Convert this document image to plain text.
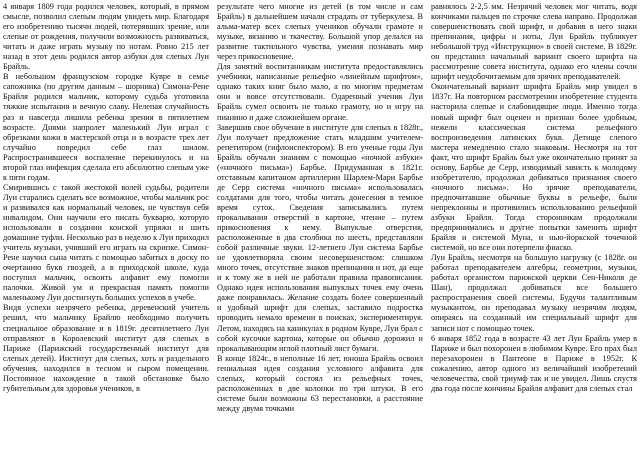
4 января 1809 года родился человек, который, в прямом смысле, позволил слепым людям увидеть мир. Благодаря его изобретению тысячи людей, потерявших зрение, или слепые от рождения, получили возможность развиваться, читать и даже играть музыку по нотам. Ровно 215 лет назад в этот день родился автор азбуки для слепых Луи Брайль.

В небольшом французском городке Кувре в семье сапожника (по другим данным – шорника) Симона-Рене Брайля родился мальчик, которому судьба уготовила тяжкие испытания и вечную славу. Нелепая случайность раз и навсегда лишила ребенка зрения в пятилетнем возрасте. Днями напролет маленький Луи играл с обрезками кожи в мастерской отца и в возрасте трех лет случайно повредил себе глаз шилом. Распространившееся воспаление перекинулось и на второй глаз инфекция сделала его абсолютно слепым уже к пяти годам.

Смирившись с такой жестокой волей судьбы, родители Луи старались сделать все возможное, чтобы мальчик рос и развивался как нормальный человек, не чувствуя себя инвалидом. Они научили его писать букварю, которую использовали в создании конской упряжи и шить домашние туфли. Несколько раз в неделю к Луи приходил учитель музыки, учивший его играть на скрипке. Симон-Рене научил сына читать с помощью забитых в доску по очертанию букв гвоздей, а в приходской школе, куда поступил мальчик, освоить алфавит ему помогли палочки. Живой ум и прекрасная память помогли маленькому Луи достигнуть больших успехов в учебе.

Видя успехи незрячего ребенка, деревенский учитель решил, что мальчику Брайлю необходимо получить специальное образование и в 1819г. десятилетнего Луи отправляют в Королевский институт для слепых в Париже (Парижский государственный институт для слепых детей). Институт для слепых, хоть и раздельного обучения, находился в тесном и сыром помещении. Постоянное нахождение в такой обстановке было губительным для здоровья учеников, в

результате чего многие из детей (в том числе и сам Брайль) в дальнейшем начали страдать от туберкулеза. В альма-матер всех слепых учеников обучали грамоте и музыке, вязанию и ткачеству. Большой упор делался на развитие тактильного чувства, умения познавать мир через прикосновение.

Для занятий воспитанникам института предоставлялись учебники, написанные рельефно «линейным шрифтом», однако таких книг было мало, а по многим предметам они и вовсе отсутствовали. Одаренный ученик Луи Брайль сумел освоить не только грамоту, но и игру на пианино и даже сложнейшем органе.

Завершив свое обучение в институте для слепых в 1828г., Луи получает предложение стать младшим учителем-репетитором (гифлоиспектором). В его ученые годы Луи Брайль обучали знаниям с помощью «ночной азбуки» («ночного письма») Барбье. Придуманная в 1821г. отставным капитаном артиллерии Шарлем-Мари Барбье де Серр система «ночного письма» использовалась солдатами для того, чтобы читать донесения в темное время суток. Сведения записывались путем прокалывания отверстий в картоне, чтение – путем прикосновения к нему. Выпуклые отверстия, расположенные в два столбика по шесть, представляли собой различные звуки. 12-летнего Луи система Барбье не удовлетворяла своим несовершенством: слишком много точек, отсутствие знаков препинания и нот, да еще и к тому же в ней не работали правила правописания. Однако идея использования выпуклых точек ему очень даже понравилась. Желание создать более совершенный и удобный шрифт для слепых, заставило подростка проводить немало времени в поисках, экспериментируя. Летом, находясь на каникулах в родном Кувре, Луи брал с собой кусочки картона, которые он обычно дорожил и прокалывающим иглой плотный лист бумаги.

В конце 1824г., в неполные 16 лет, юноша Брайль освоил гениальная идея создания условного алфавита для слепых, который состоял из рельефных точек, расположенных в две колонки по три штуки. В его системе были возможны 63 перестановки, а расстояние между двумя точками

равнялось 2-2,5 мм. Незрячий человек мог читать, водя кончиками пальцев по строчке слева направо. Продолжая совершенствовать свой шрифт, и добавив в него знаки препинания, цифры и ноты, Луи Брайль публикует небольшой труд «Инструкцию» в своей системе. В 1829г. он представил начальный вариант своего шрифта на рассмотрение совета института, однако его члены сочли шрифт неудобочитаемым для зрячих преподавателей.

Окончательный вариант шрифта Брайль мир увидел в 1837г. На повторном рассмотрении изобретение студента насторила слепые и слабовидящие люди. Именно тогда новый шрифт был оценен и признан более удобным, нежели классическая система рельефного воспроизведения латинских букв. Детище слепого мастера немедленно стало знаковым. Несмотря на тот факт, что шрифт Брайль был уже окончательно принят за основу, Барбье де Серр, изводимый зависть к молодому изобретателю, продолжал добиваться признания своего «ночного письма». Но зрячие преподаватели, предпочитавшие обычные буквы в рельефе, были непреклонны и противились использованию рельефной азбуки Брайля. Тогда сторонникам продолжали предпринимались и другие попытки заменить шрифт Брайля и системой Муна, и нью-йоркской точечной системой, но все они потерпели фиаско.

Луи Брайль, несмотря на большую нагрузку (с 1828г. он работал преподавателем алгебры, геометрии, музыки, работал органистом парижской церкви Сен-Николя де Шан), продолжал добиваться все большего распространения своей системы. Будучи талантливым музыкантом, он преподавал музыку незрячим людям, опираясь на созданный им специальный шрифт для записи нот с помощью точек.

6 января 1852 года в возрасте 43 лет Луи Брайль умер в Париже и был похоронен в любимом Кувре. Его прах был перезахоронен в Пантеоне в Париже в 1952г. К сожалению, автор одного из величайший изобретений человечества, свой триумф так и не увидел. Лишь спустя два года после кончины Брайля алфавит для слепых стал
